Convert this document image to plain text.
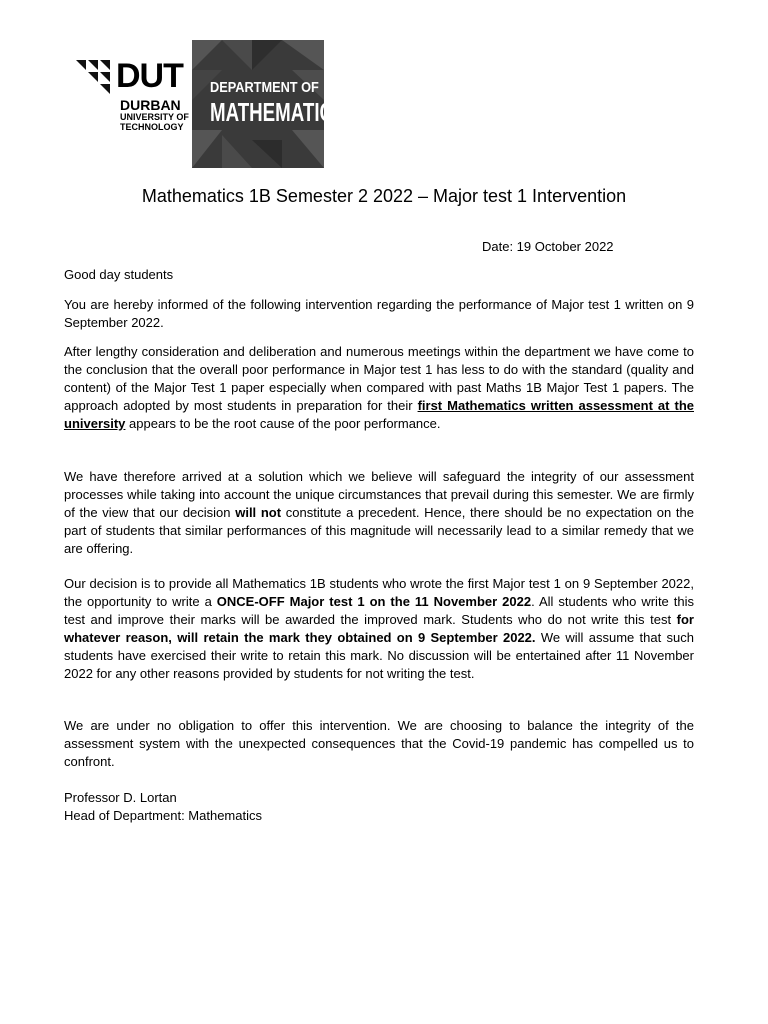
DUT
DURBAN
UNIVERSITY OF
TECHNOLOGY
DEPARTMENT OF
MATHEMATICS
Mathematics 1B Semester 2 2022 – Major test 1 Intervention
Date: 19 October 2022

Good day students

You are hereby informed of the following intervention regarding the performance of Major test 1 written on 9 September 2022.

After lengthy consideration and deliberation and numerous meetings within the department we have come to the conclusion that the overall poor performance in Major test 1 has less to do with the standard (quality and content) of the Major Test 1 paper especially when compared with past Maths 1B Major Test 1 papers. The approach adopted by most students in preparation for their first Mathematics written assessment at the university appears to be the root cause of the poor performance.

We have therefore arrived at a solution which we believe will safeguard the integrity of our assessment processes while taking into account the unique circumstances that prevail during this semester. We are firmly of the view that our decision will not constitute a precedent. Hence, there should be no expectation on the part of students that similar performances of this magnitude will necessarily lead to a similar remedy that we are offering.

Our decision is to provide all Mathematics 1B students who wrote the first Major test 1 on 9 September 2022, the opportunity to write a ONCE-OFF Major test 1 on the 11 November 2022. All students who write this test and improve their marks will be awarded the improved mark. Students who do not write this test for whatever reason, will retain the mark they obtained on 9 September 2022. We will assume that such students have exercised their write to retain this mark. No discussion will be entertained after 11 November 2022 for any other reasons provided by students for not writing the test.

We are under no obligation to offer this intervention. We are choosing to balance the integrity of the assessment system with the unexpected consequences that the Covid-19 pandemic has compelled us to confront.

Professor D. Lortan

Head of Department: Mathematics
